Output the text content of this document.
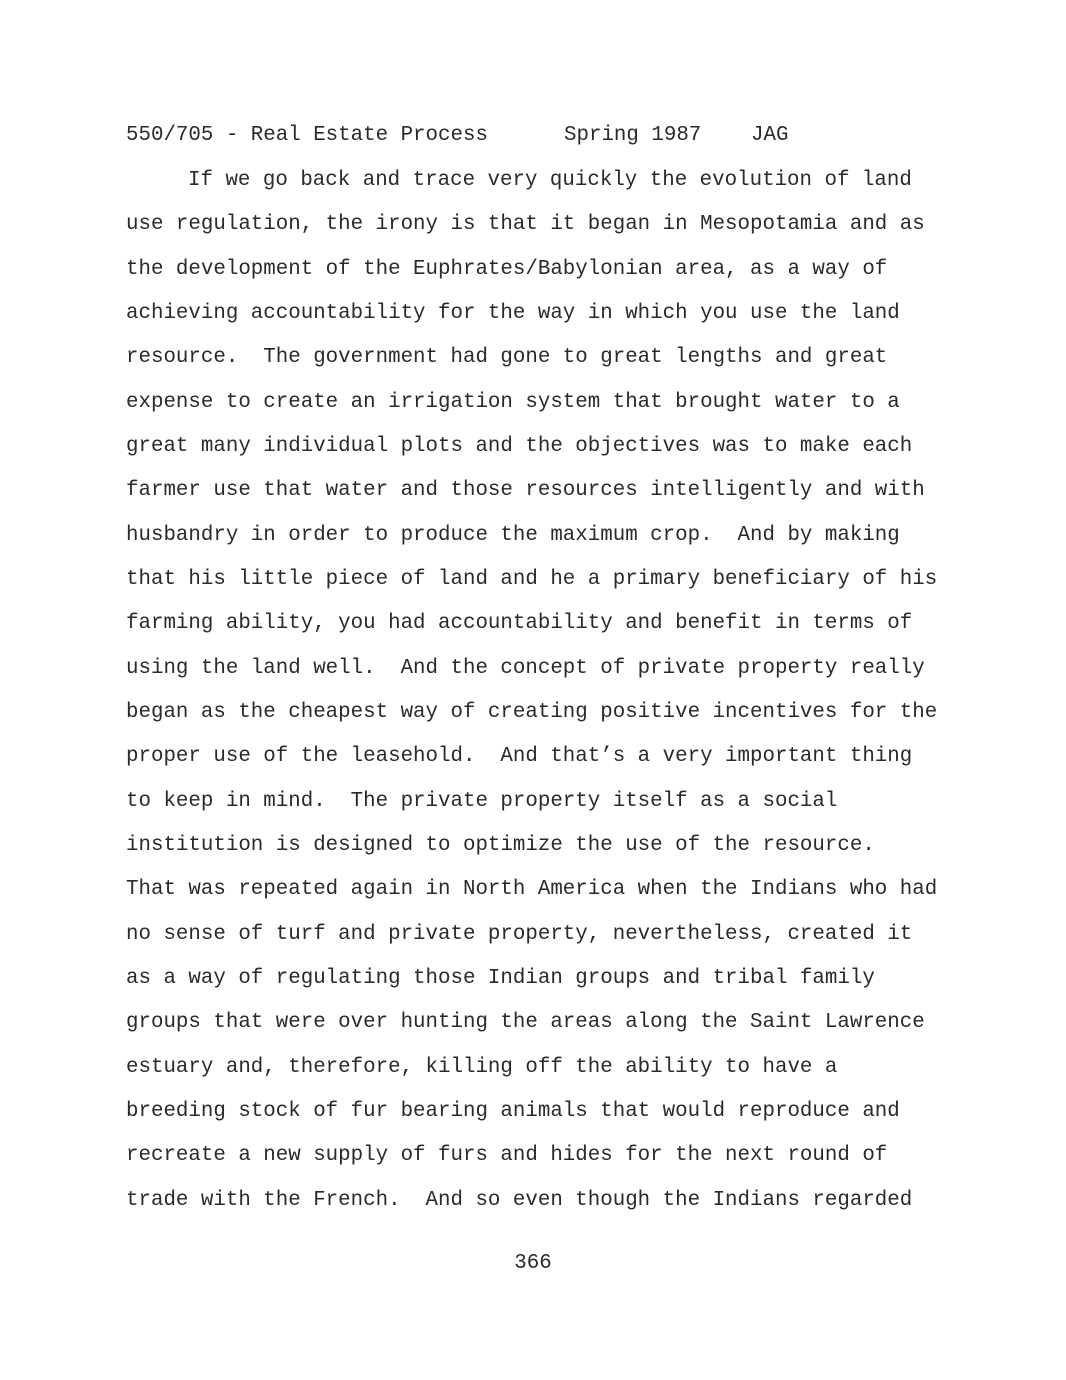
550/705 - Real Estate Process	Spring 1987 JAG
If we go back and trace very quickly the evolution of land
use regulation, the irony is that it began in Mesopotamia and as
the development of the Euphrates/Babylonian area, as a way of
achieving accountability for the way in which you use the land
resource.  The government had gone to great lengths and great
expense to create an irrigation system that brought water to a
great many individual plots and the objectives was to make each
farmer use that water and those resources intelligently and with
husbandry in order to produce the maximum crop.  And by making
that his little piece of land and he a primary beneficiary of his
farming ability, you had accountability and benefit in terms of
using the land well.  And the concept of private property really
began as the cheapest way of creating positive incentives for the
proper use of the leasehold.  And that’s a very important thing
to keep in mind.  The private property itself as a social
institution is designed to optimize the use of the resource.
That was repeated again in North America when the Indians who had
no sense of turf and private property, nevertheless, created it
as a way of regulating those Indian groups and tribal family
groups that were over hunting the areas along the Saint Lawrence
estuary and, therefore, killing off the ability to have a
breeding stock of fur bearing animals that would reproduce and
recreate a new supply of furs and hides for the next round of
trade with the French.  And so even though the Indians regarded
366
